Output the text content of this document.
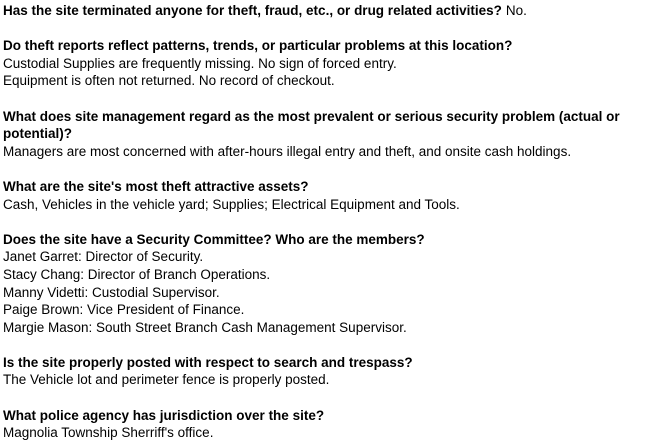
Has the site terminated anyone for theft, fraud, etc., or drug related activities? No.

Do theft reports reflect patterns, trends, or particular problems at this location?

Custodial Supplies are frequently missing. No sign of forced entry.

Equipment is often not returned. No record of checkout.

What does site management regard as the most prevalent or serious security problem (actual or potential)?

Managers are most concerned with after-hours illegal entry and theft, and onsite cash holdings.

What are the site's most theft attractive assets?

Cash, Vehicles in the vehicle yard; Supplies; Electrical Equipment and Tools.

Does the site have a Security Committee? Who are the members?

Janet Garret: Director of Security.

Stacy Chang: Director of Branch Operations.

Manny Videtti: Custodial Supervisor.

Paige Brown: Vice President of Finance.

Margie Mason: South Street Branch Cash Management Supervisor.

Is the site properly posted with respect to search and trespass?

The Vehicle lot and perimeter fence is properly posted.

What police agency has jurisdiction over the site?

Magnolia Township Sherriff's office.
